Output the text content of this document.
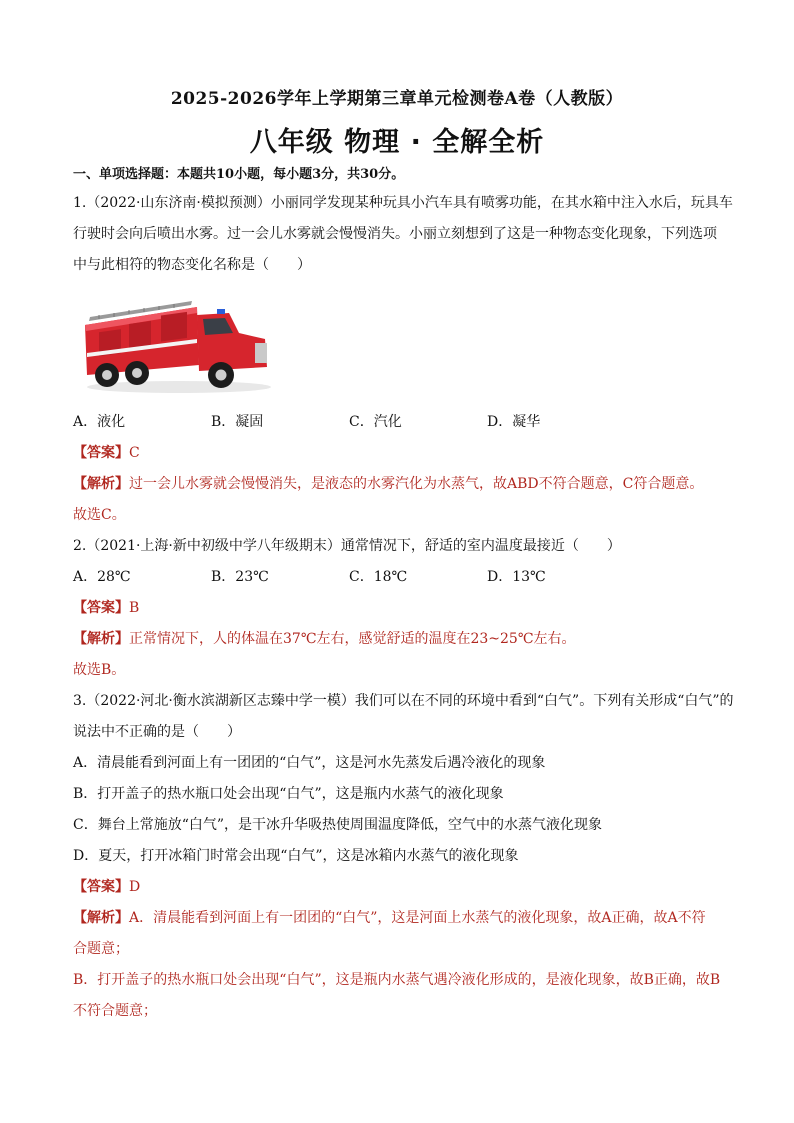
2025-2026学年上学期第三章单元检测卷A卷（人教版）
八年级 物理 · 全解全析
一、单项选择题：本题共10小题，每小题3分，共30分。
1.（2022·山东济南·模拟预测）小丽同学发现某种玩具小汽车具有喷雾功能，在其水箱中注入水后，玩具车
行驶时会向后喷出水雾。过一会儿水雾就会慢慢消失。小丽立刻想到了这是一种物态变化现象，下列选项
中与此相符的物态变化名称是（　　）
A．液化	B．凝固	C．汽化	D．凝华
【答案】C
【解析】过一会儿水雾就会慢慢消失，是液态的水雾汽化为水蒸气，故ABD不符合题意，C符合题意。
故选C。
2.（2021·上海·新中初级中学八年级期末）通常情况下，舒适的室内温度最接近（　　）
A．28℃	B．23℃	C．18℃	D．13℃
【答案】B
【解析】正常情况下，人的体温在37℃左右，感觉舒适的温度在23~25℃左右。
故选B。
3.（2022·河北·衡水滨湖新区志臻中学一模）我们可以在不同的环境中看到“白气”。下列有关形成“白气”的
说法中不正确的是（　　）
A．清晨能看到河面上有一团团的“白气”，这是河水先蒸发后遇冷液化的现象
B．打开盖子的热水瓶口处会出现“白气”，这是瓶内水蒸气的液化现象
C．舞台上常施放“白气”，是干冰升华吸热使周围温度降低，空气中的水蒸气液化现象
D．夏天，打开冰箱门时常会出现“白气”，这是冰箱内水蒸气的液化现象
【答案】D
【解析】A．清晨能看到河面上有一团团的“白气”，这是河面上水蒸气的液化现象，故A正确，故A不符
合题意；
B．打开盖子的热水瓶口处会出现“白气”，这是瓶内水蒸气遇冷液化形成的，是液化现象，故B正确，故B
不符合题意；
